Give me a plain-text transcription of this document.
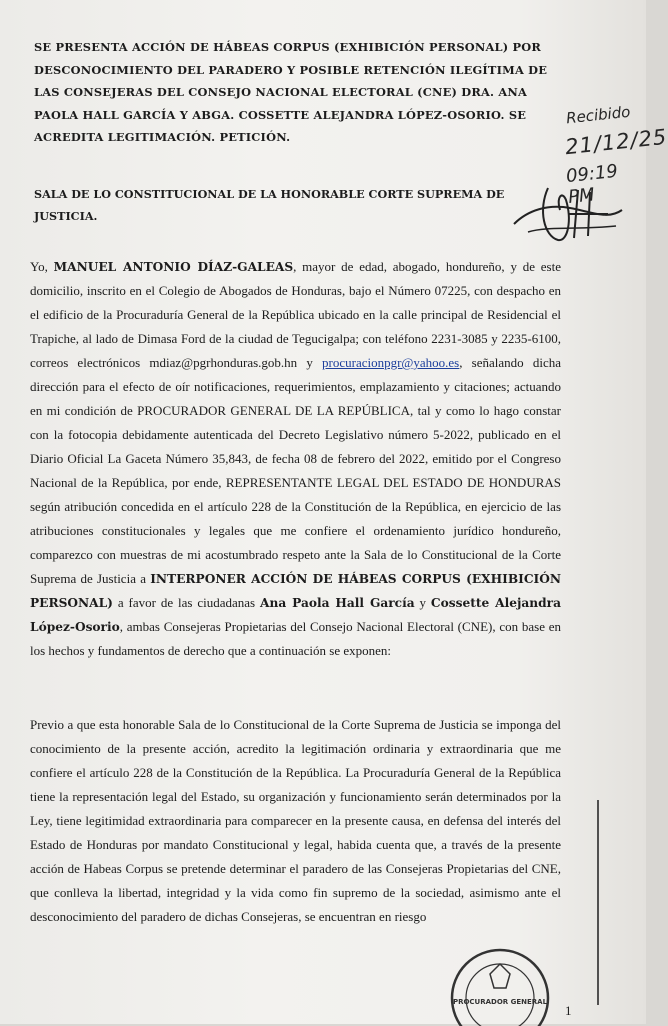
SE PRESENTA ACCIÓN DE HÁBEAS CORPUS (EXHIBICIÓN PERSONAL) POR DESCONOCIMIENTO DEL PARADERO Y POSIBLE RETENCIÓN ILEGÍTIMA DE LAS CONSEJERAS DEL CONSEJO NACIONAL ELECTORAL (CNE) DRA. ANA PAOLA HALL GARCÍA Y ABGA. COSSETTE ALEJANDRA LÓPEZ-OSORIO. SE ACREDITA LEGITIMACIÓN. PETICIÓN.
Recibido
21/12/25
09:19 PM
SALA DE LO CONSTITUCIONAL DE LA HONORABLE CORTE SUPREMA DE JUSTICIA.
Yo, MANUEL ANTONIO DÍAZ-GALEAS, mayor de edad, abogado, hondureño, y de este domicilio, inscrito en el Colegio de Abogados de Honduras, bajo el Número 07225, con despacho en el edificio de la Procuraduría General de la República ubicado en la calle principal de Residencial el Trapiche, al lado de Dimasa Ford de la ciudad de Tegucigalpa; con teléfono 2231-3085 y 2235-6100, correos electrónicos mdiaz@pgrhonduras.gob.hn y procuracionpgr@yahoo.es, señalando dicha dirección para el efecto de oír notificaciones, requerimientos, emplazamiento y citaciones; actuando en mi condición de PROCURADOR GENERAL DE LA REPÚBLICA, tal y como lo hago constar con la fotocopia debidamente autenticada del Decreto Legislativo número 5-2022, publicado en el Diario Oficial La Gaceta Número 35,843, de fecha 08 de febrero del 2022, emitido por el Congreso Nacional de la República, por ende, REPRESENTANTE LEGAL DEL ESTADO DE HONDURAS según atribución concedida en el artículo 228 de la Constitución de la República, en ejercicio de las atribuciones constitucionales y legales que me confiere el ordenamiento jurídico hondureño, comparezco con muestras de mi acostumbrado respeto ante la Sala de lo Constitucional de la Corte Suprema de Justicia a INTERPONER ACCIÓN DE HÁBEAS CORPUS (EXHIBICIÓN PERSONAL) a favor de las ciudadanas Ana Paola Hall García y Cossette Alejandra López-Osorio, ambas Consejeras Propietarias del Consejo Nacional Electoral (CNE), con base en los hechos y fundamentos de derecho que a continuación se exponen:
Previo a que esta honorable Sala de lo Constitucional de la Corte Suprema de Justicia se imponga del conocimiento de la presente acción, acredito la legitimación ordinaria y extraordinaria que me confiere el artículo 228 de la Constitución de la República. La Procuraduría General de la República tiene la representación legal del Estado, su organización y funcionamiento serán determinados por la Ley, tiene legitimidad extraordinaria para comparecer en la presente causa, en defensa del interés del Estado de Honduras por mandato Constitucional y legal, habida cuenta que, a través de la presente acción de Habeas Corpus se pretende determinar el paradero de las Consejeras Propietarias del CNE, que conlleva la libertad, integridad y la vida como fin supremo de la sociedad, asimismo ante el desconocimiento del paradero de dichas Consejeras, se encuentran en riesgo
PROCURADOR GENERAL
1
